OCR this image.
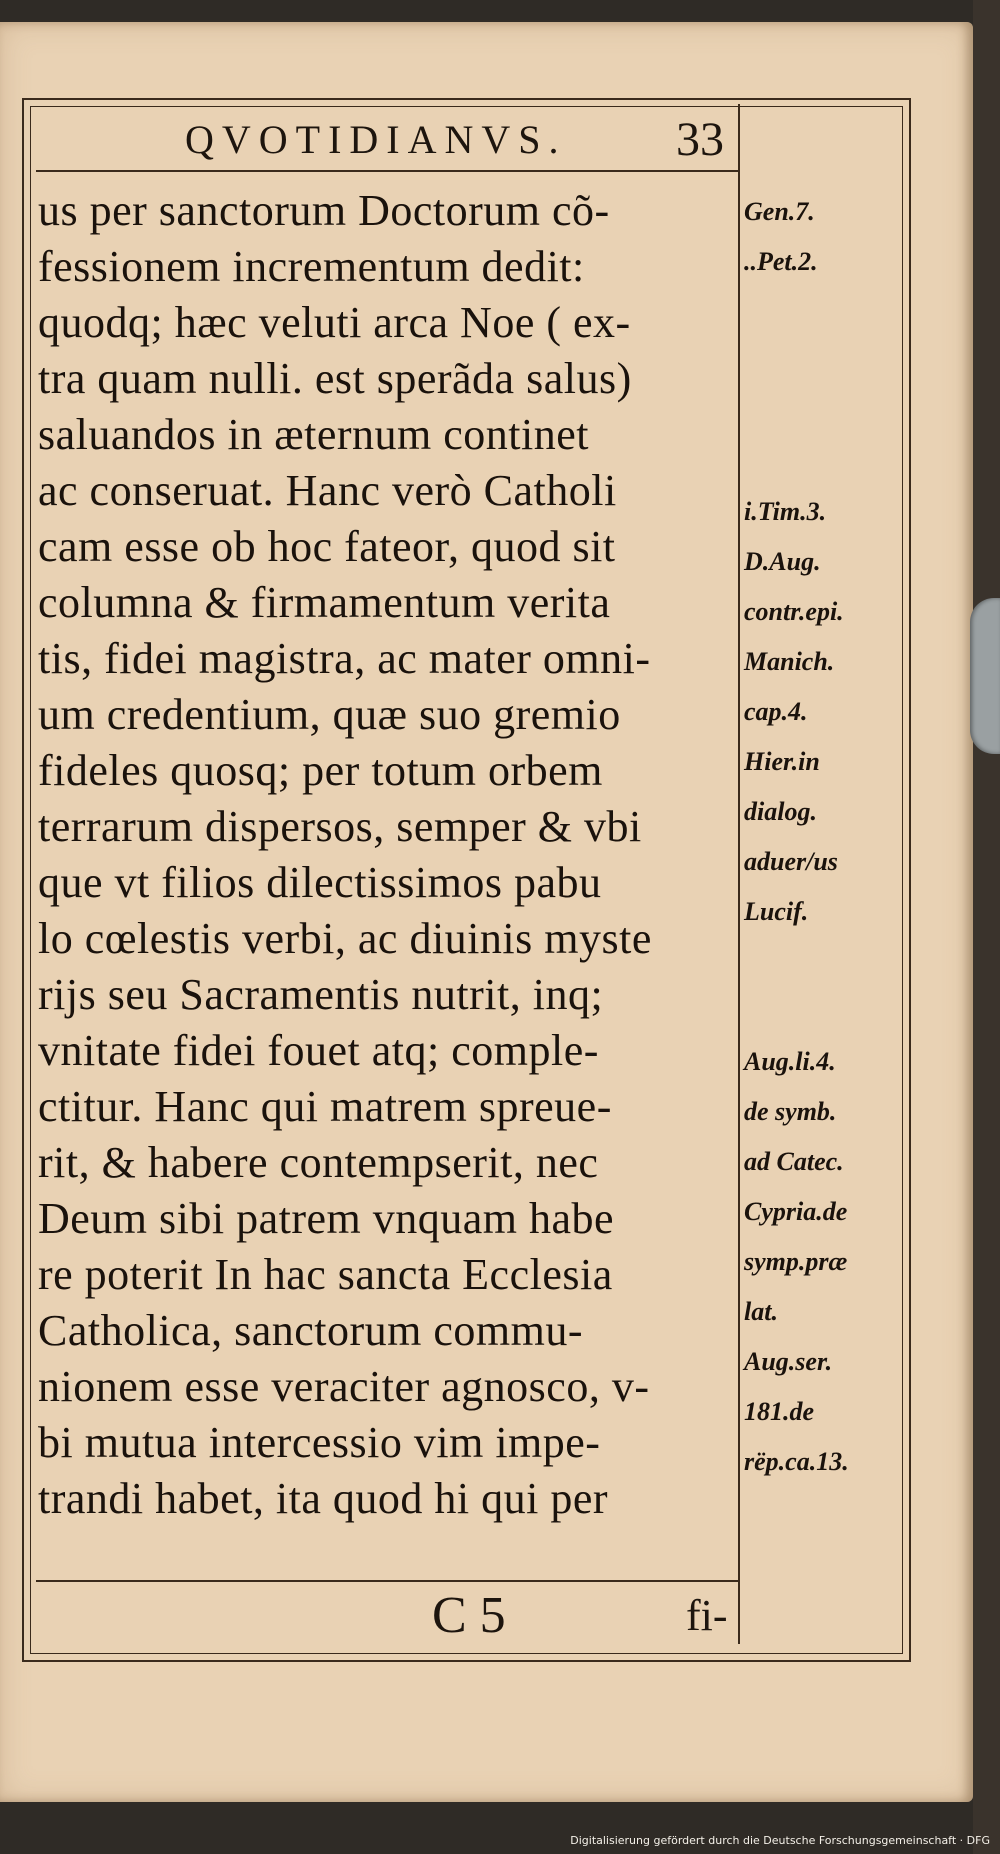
QVOTIDIANVS. 33
us per sanctorum Doctorum cõ-
fessionem incrementum dedit:
quodq; hæc veluti arca Noe ( ex-
tra quam nulli. est sperãda salus)
saluandos in æternum continet
ac conseruat. Hanc verò Catholi
cam esse ob hoc fateor, quod sit
columna & firmamentum verita
tis, fidei magistra, ac mater omni-
um credentium, quæ suo gremio
fideles quosq; per totum orbem
terrarum dispersos, semper & vbi
que vt filios dilectissimos pabu
lo cœlestis verbi, ac diuinis myste
rijs seu Sacramentis nutrit, inq;
vnitate fidei fouet atq; comple-
ctitur. Hanc qui matrem spreue-
rit, & habere contempserit, nec
Deum sibi patrem vnquam habe
re poterit In hac sancta Ecclesia
Catholica, sanctorum commu-
nionem esse veraciter agnosco, v-
bi mutua intercessio vim impe-
trandi habet, ita quod hi qui per
Gen.7.
..Pet.2.
i.Tim.3.
D.Aug.
contr.epi.
Manich.
cap.4.
Hier.in
dialog.
aduer/us
Lucif.
Aug.li.4.
de symb.
ad Catec.
Cypria.de
symp.præ
lat.
Aug.ser.
181.de
rëp.ca.13.
C 5	fi-
Digitalisierung gefördert durch die Deutsche Forschungsgemeinschaft · DFG
